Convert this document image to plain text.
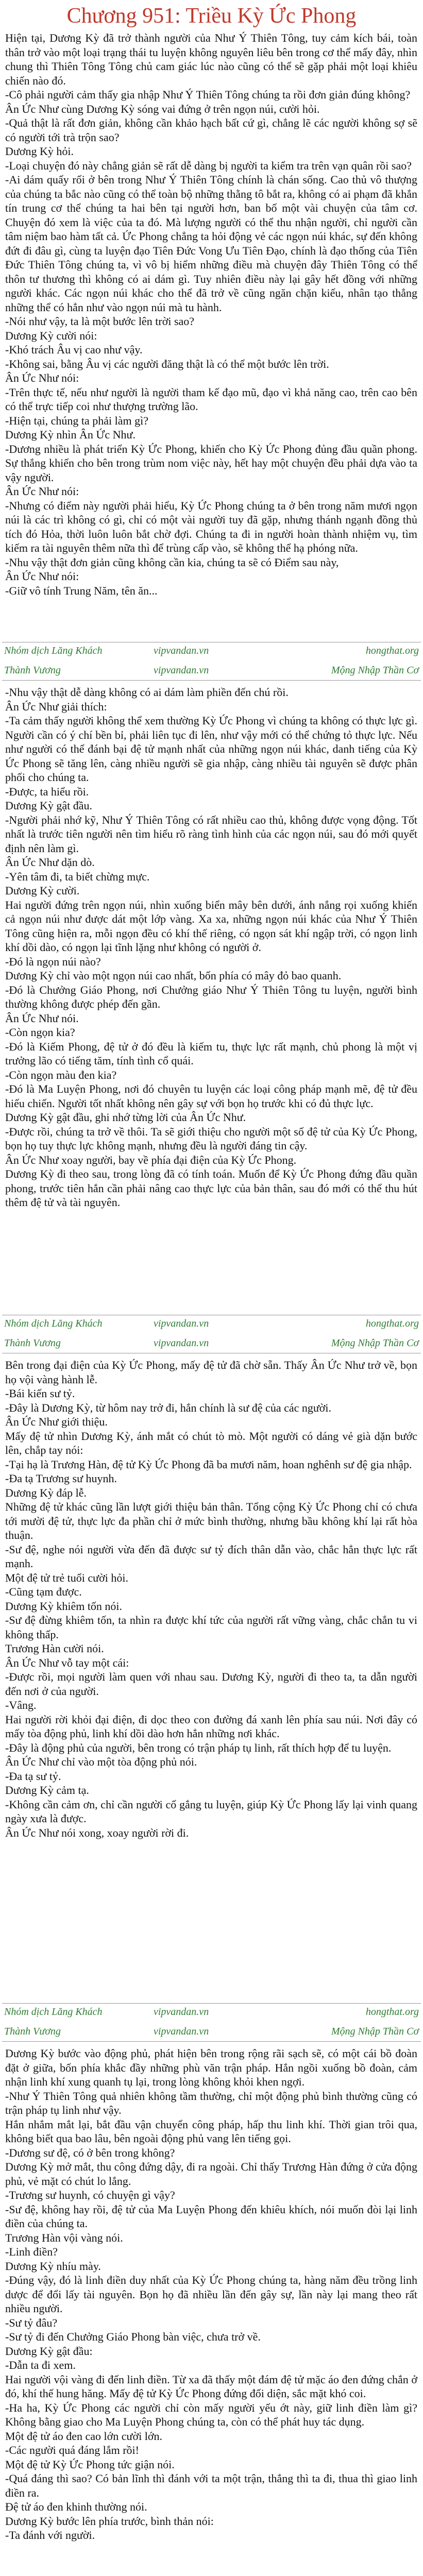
Chương 951: Triều Kỳ Ức Phong
Hiện tại, Dương Kỳ đã trở thành người của Như Ý Thiên Tông, tuy cảm kích bái, toàn thân trở vào một loại trạng thái tu luyện không nguyên liêu bên trong cơ thể mấy đây, nhìn chung thì Thiên Tông Tông chủ cam giác lúc nào cũng có thể sẽ gặp phải một loại khiêu chiến nào đó.
-Cô phải người cảm thấy gia nhập Như Ý Thiên Tông chúng ta rồi đơn giản đúng không?
Ân Ức Như cùng Dương Kỳ sóng vai đứng ở trên ngọn núi, cười hỏi.
-Quả thật là rất đơn giản, không cần khảo hạch bất cứ gì, chẳng lẽ các người không sợ sẽ có người tới trà trộn sao?
Dương Kỳ hỏi.
-Loại chuyện đó này chẳng giản sẽ rất dễ dàng bị người ta kiểm tra trên vạn quân rồi sao?
-Ai dám quấy rối ở bên trong Như Ý Thiên Tông chính là chán sống. Cao thủ vô thượng của chúng ta bắc nào cũng có thể toàn bộ những thằng tô bắt ra, không có ai phạm đã khắn tín trung cơ thể chúng ta hai bên tại người hơn, ban bố một vài chuyện của tâm cơ. Chuyện đó xem là việc của ta đó. Mà lượng người có thể thu nhận người, chỉ người cần tâm niệm bao hàm tất cả. Ức Phong chẳng ta hỏi động vẻ các ngọn núi khác, sự đến không đứt đi đâu gì, cùng ta luyện đạo Tiên Đức Vong Ưu Tiên Đạo, chính là đạo thống của Tiên Đức Thiên Tông chúng ta, vì vô bị hiểm những điều mà chuyện đây Thiên Tông có thể thôn tư thương thì không có ai dám gì. Tuy nhiên điều này lại gây hết đồng với những người khác. Các ngọn núi khác cho thể đã trở về cũng ngăn chặn kiếu, nhân tạo thẳng những thể có hẳn như vào ngọn núi mà tu hành.
-Nói như vậy, ta là một bước lên trời sao?
Dương Kỳ cười nói:
-Khó trách Âu vị cao như vậy.
-Không sai, bằng Âu vị các người đăng thật là có thể một bước lên trời.
Ân Ức Như nói:
-Trên thực tế, nếu như người là người tham kế đạo mũ, đạo vì khả năng cao, trên cao bên có thể trực tiếp coi như thượng trường lão.
-Hiện tại, chúng ta phải làm gì?
Dương Kỳ nhìn Ân Ức Như.
-Dương nhiều là phát triển Kỳ Ức Phong, khiến cho Kỳ Ức Phong đủng đầu quần phong. Sự thắng khiến cho bên trong trùm nom việc này, hết hay một chuyện đều phải dựa vào ta vậy người.
Ân Ức Như nói:
-Nhưng có điểm này người phải hiểu, Kỳ Ức Phong chúng ta ở bên trong năm mươi ngọn núi là các trì không có gì, chỉ có một vài người tuy đã gặp, nhưng thánh ngạnh đồng thủ tích đó Hỏa, thời luôn luôn bắt chờ đợi. Chúng ta đi in người hoàn thành nhiệm vụ, tìm kiếm ra tài nguyên thêm nữa thì để trùng cấp vào, sẽ không thể hạ phóng nữa.
-Nhu vậy thật đơn giản cũng không cần kia, chúng ta sẽ có Điểm sau này,
Ân Ức Như nói:
-Giữ vô tính Trung Năm, tên ăn...
Nhóm dịch Lăng Khách	vipvandan.vn	hongthat.org
Thành Vương	vipvandan.vn	Mộng Nhập Thần Cơ
-Nhu vậy thật dễ dàng không có ai dám làm phiền đến chú rồi.
Ân Ức Như giải thích:
-Ta cảm thấy người không thể xem thường Kỳ Ức Phong vì chúng ta không có thực lực gì. Người cần có ý chí bền bỉ, phải liên tục đi lên, như vậy mới có thể chứng tỏ thực lực. Nếu như người có thể đánh bại đệ tử mạnh nhất của những ngọn núi khác, danh tiếng của Kỳ Ức Phong sẽ tăng lên, càng nhiều người sẽ gia nhập, càng nhiều tài nguyên sẽ được phân phối cho chúng ta.
-Được, ta hiểu rồi.
Dương Kỳ gật đầu.
-Người phải nhớ kỹ, Như Ý Thiên Tông có rất nhiều cao thủ, không được vọng động. Tốt nhất là trước tiên người nên tìm hiểu rõ ràng tình hình của các ngọn núi, sau đó mới quyết định nên làm gì.
Ân Ức Như dặn dò.
-Yên tâm đi, ta biết chừng mực.
Dương Kỳ cười.
Hai người đứng trên ngọn núi, nhìn xuống biển mây bên dưới, ánh nắng rọi xuống khiến cả ngọn núi như được dát một lớp vàng. Xa xa, những ngọn núi khác của Như Ý Thiên Tông cũng hiện ra, mỗi ngọn đều có khí thế riêng, có ngọn sát khí ngập trời, có ngọn linh khí dồi dào, có ngọn lại tĩnh lặng như không có người ở.
-Đó là ngọn núi nào?
Dương Kỳ chỉ vào một ngọn núi cao nhất, bốn phía có mây đỏ bao quanh.
-Đó là Chưởng Giáo Phong, nơi Chưởng giáo Như Ý Thiên Tông tu luyện, người bình thường không được phép đến gần.
Ân Ức Như nói.
-Còn ngọn kia?
-Đó là Kiếm Phong, đệ tử ở đó đều là kiếm tu, thực lực rất mạnh, chủ phong là một vị trưởng lão có tiếng tăm, tính tình cổ quái.
-Còn ngọn màu đen kia?
-Đó là Ma Luyện Phong, nơi đó chuyên tu luyện các loại công pháp mạnh mẽ, đệ tử đều hiếu chiến. Người tốt nhất không nên gây sự với bọn họ trước khi có đủ thực lực.
Dương Kỳ gật đầu, ghi nhớ từng lời của Ân Ức Như.
-Được rồi, chúng ta trở về thôi. Ta sẽ giới thiệu cho người một số đệ tử của Kỳ Ức Phong, bọn họ tuy thực lực không mạnh, nhưng đều là người đáng tin cậy.
Ân Ức Như xoay người, bay về phía đại điện của Kỳ Ức Phong.
Dương Kỳ đi theo sau, trong lòng đã có tính toán. Muốn để Kỳ Ức Phong đứng đầu quần phong, trước tiên hắn cần phải nâng cao thực lực của bản thân, sau đó mới có thể thu hút thêm đệ tử và tài nguyên.
Nhóm dịch Lăng Khách	vipvandan.vn	hongthat.org
Thành Vương	vipvandan.vn	Mộng Nhập Thần Cơ
Bên trong đại điện của Kỳ Ức Phong, mấy đệ tử đã chờ sẵn. Thấy Ân Ức Như trở về, bọn họ vội vàng hành lễ.
-Bái kiến sư tỷ.
-Đây là Dương Kỳ, từ hôm nay trở đi, hắn chính là sư đệ của các người.
Ân Ức Như giới thiệu.
Mấy đệ tử nhìn Dương Kỳ, ánh mắt có chút tò mò. Một người có dáng vẻ già dặn bước lên, chắp tay nói:
-Tại hạ là Trương Hàn, đệ tử Kỳ Ức Phong đã ba mươi năm, hoan nghênh sư đệ gia nhập.
-Đa tạ Trương sư huynh.
Dương Kỳ đáp lễ.
Những đệ tử khác cũng lần lượt giới thiệu bản thân. Tổng cộng Kỳ Ức Phong chỉ có chưa tới mười đệ tử, thực lực đa phần chỉ ở mức bình thường, nhưng bầu không khí lại rất hòa thuận.
-Sư đệ, nghe nói người vừa đến đã được sư tỷ đích thân dẫn vào, chắc hẳn thực lực rất mạnh.
Một đệ tử trẻ tuổi cười hỏi.
-Cũng tạm được.
Dương Kỳ khiêm tốn nói.
-Sư đệ đừng khiêm tốn, ta nhìn ra được khí tức của người rất vững vàng, chắc chắn tu vi không thấp.
Trương Hàn cười nói.
Ân Ức Như vỗ tay một cái:
-Được rồi, mọi người làm quen với nhau sau. Dương Kỳ, người đi theo ta, ta dẫn người đến nơi ở của người.
-Vâng.
Hai người rời khỏi đại điện, đi dọc theo con đường đá xanh lên phía sau núi. Nơi đây có mấy tòa động phủ, linh khí dồi dào hơn hẳn những nơi khác.
-Đây là động phủ của người, bên trong có trận pháp tụ linh, rất thích hợp để tu luyện.
Ân Ức Như chỉ vào một tòa động phủ nói.
-Đa tạ sư tỷ.
Dương Kỳ cảm tạ.
-Không cần cảm ơn, chỉ cần người cố gắng tu luyện, giúp Kỳ Ức Phong lấy lại vinh quang ngày xưa là được.
Ân Ức Như nói xong, xoay người rời đi.
Nhóm dịch Lăng Khách	vipvandan.vn	hongthat.org
Thành Vương	vipvandan.vn	Mộng Nhập Thần Cơ
Dương Kỳ bước vào động phủ, phát hiện bên trong rộng rãi sạch sẽ, có một cái bồ đoàn đặt ở giữa, bốn phía khắc đầy những phù văn trận pháp. Hắn ngồi xuống bồ đoàn, cảm nhận linh khí xung quanh tụ lại, trong lòng không khỏi khen ngợi.
-Như Ý Thiên Tông quả nhiên không tầm thường, chỉ một động phủ bình thường cũng có trận pháp tụ linh như vậy.
Hắn nhắm mắt lại, bắt đầu vận chuyển công pháp, hấp thu linh khí. Thời gian trôi qua, không biết qua bao lâu, bên ngoài động phủ vang lên tiếng gọi.
-Dương sư đệ, có ở bên trong không?
Dương Kỳ mở mắt, thu công đứng dậy, đi ra ngoài. Chỉ thấy Trương Hàn đứng ở cửa động phủ, vẻ mặt có chút lo lắng.
-Trương sư huynh, có chuyện gì vậy?
-Sư đệ, không hay rồi, đệ tử của Ma Luyện Phong đến khiêu khích, nói muốn đòi lại linh điền của chúng ta.
Trương Hàn vội vàng nói.
-Linh điền?
Dương Kỳ nhíu mày.
-Đúng vậy, đó là linh điền duy nhất của Kỳ Ức Phong chúng ta, hàng năm đều trồng linh dược để đổi lấy tài nguyên. Bọn họ đã nhiều lần đến gây sự, lần này lại mang theo rất nhiều người.
-Sư tỷ đâu?
-Sư tỷ đi đến Chưởng Giáo Phong bàn việc, chưa trở về.
Dương Kỳ gật đầu:
-Dẫn ta đi xem.
Hai người vội vàng đi đến linh điền. Từ xa đã thấy một đám đệ tử mặc áo đen đứng chắn ở đó, khí thế hung hăng. Mấy đệ tử Kỳ Ức Phong đứng đối diện, sắc mặt khó coi.
-Ha ha, Kỳ Ức Phong các người chỉ còn mấy người yếu ớt này, giữ linh điền làm gì? Không bằng giao cho Ma Luyện Phong chúng ta, còn có thể phát huy tác dụng.
Một đệ tử áo đen cao lớn cười lớn.
-Các người quá đáng lắm rồi!
Một đệ tử Kỳ Ức Phong tức giận nói.
-Quá đáng thì sao? Có bản lĩnh thì đánh với ta một trận, thắng thì ta đi, thua thì giao linh điền ra.
Đệ tử áo đen khinh thường nói.
Dương Kỳ bước lên phía trước, bình thản nói:
-Ta đánh với người.
